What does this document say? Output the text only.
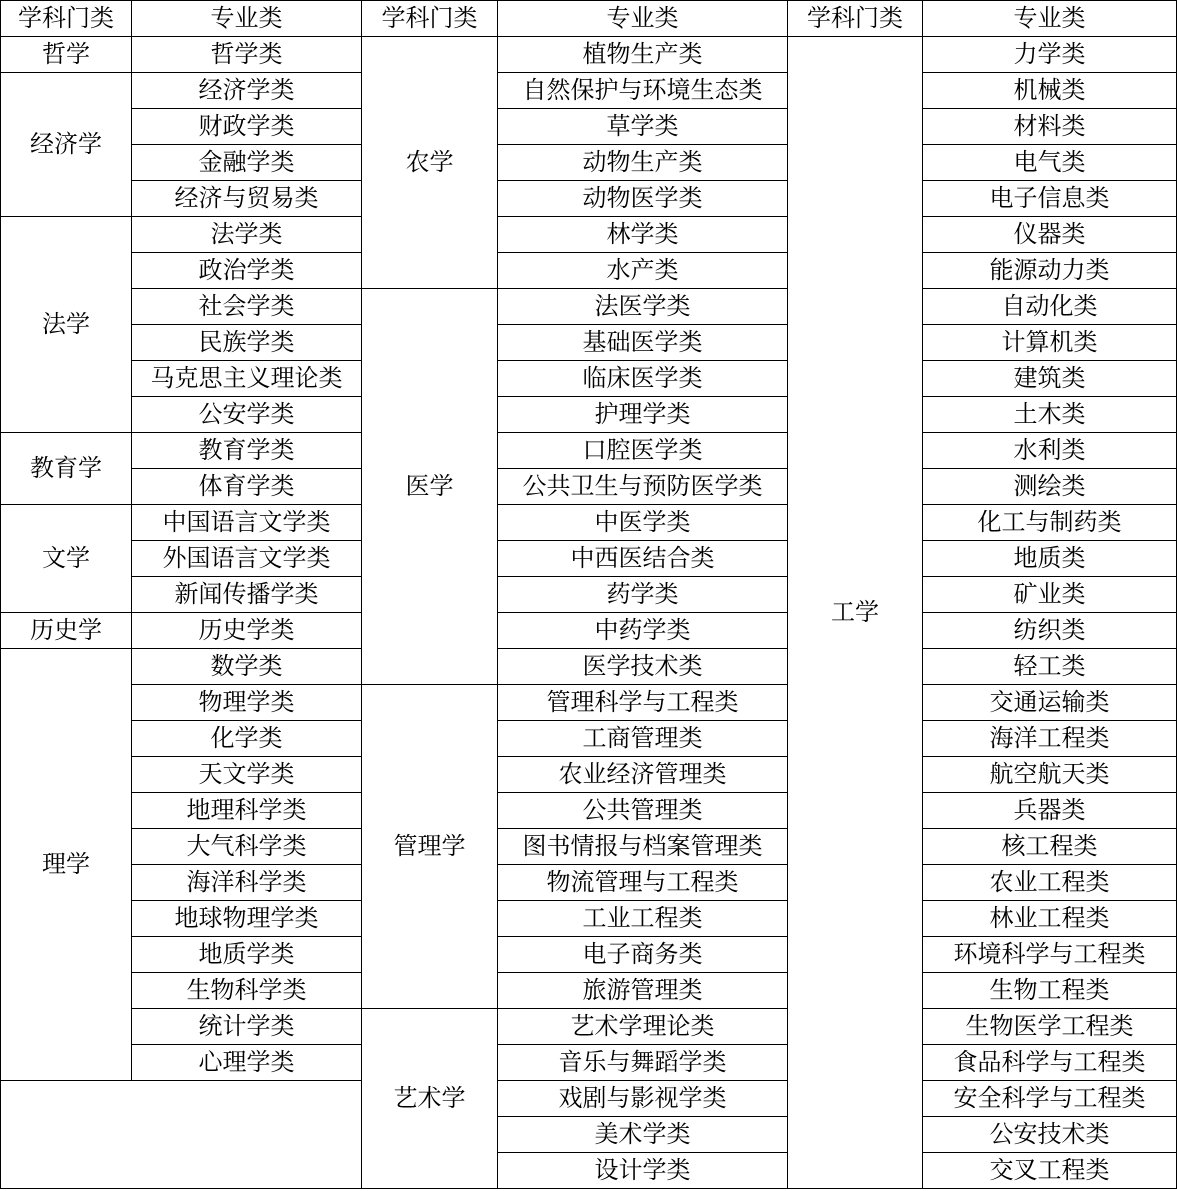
学科门类	专业类	学科门类	专业类	学科门类	专业类
哲学	哲学类	农学	植物生产类	工学	力学类
经济学	经济学类		自然保护与环境生态类		机械类
	财政学类		草学类		材料类
	金融学类		动物生产类		电气类
	经济与贸易类		动物医学类		电子信息类
法学	法学类		林学类		仪器类
	政治学类		水产类		能源动力类
	社会学类	医学	法医学类		自动化类
	民族学类		基础医学类		计算机类
	马克思主义理论类		临床医学类		建筑类
	公安学类		护理学类		土木类
教育学	教育学类		口腔医学类		水利类
	体育学类		公共卫生与预防医学类		测绘类
文学	中国语言文学类		中医学类		化工与制药类
	外国语言文学类		中西医结合类		地质类
	新闻传播学类		药学类		矿业类
历史学	历史学类		中药学类		纺织类
理学	数学类		医学技术类		轻工类
	物理学类	管理学	管理科学与工程类		交通运输类
	化学类		工商管理类		海洋工程类
	天文学类		农业经济管理类		航空航天类
	地理科学类		公共管理类		兵器类
	大气科学类		图书情报与档案管理类		核工程类
	海洋科学类		物流管理与工程类		农业工程类
	地球物理学类		工业工程类		林业工程类
	地质学类		电子商务类		环境科学与工程类
	生物科学类		旅游管理类		生物工程类
	统计学类	艺术学	艺术学理论类		生物医学工程类
	心理学类		音乐与舞蹈学类		食品科学与工程类
			戏剧与影视学类		安全科学与工程类
			美术学类		公安技术类
			设计学类		交叉工程类
